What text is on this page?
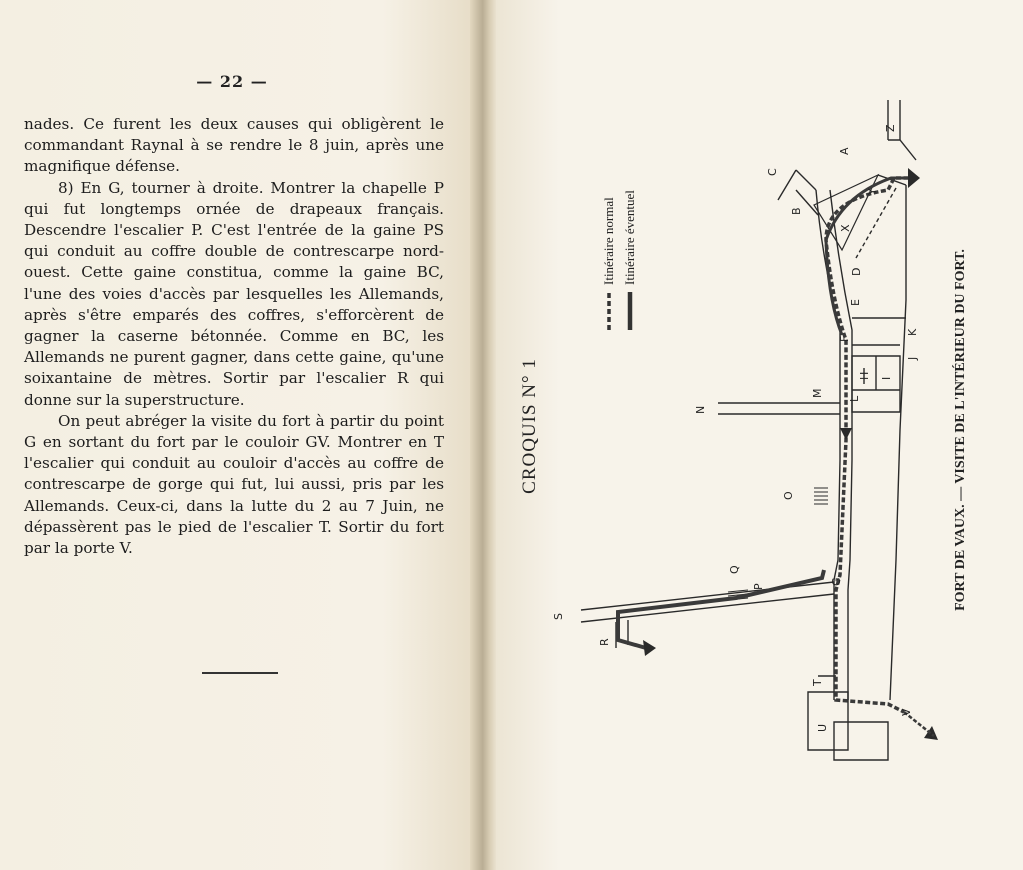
— 22 —

nades. Ce furent les deux causes qui obligèrent le commandant Raynal à se rendre le 8 juin, après une magnifique défense.

8) En G, tourner à droite. Montrer la chapelle P qui fut longtemps ornée de drapeaux français. Descendre l'escalier P. C'est l'entrée de la gaine PS qui conduit au coffre double de contrescarpe nord-ouest. Cette gaine constitua, comme la gaine BC, l'une des voies d'accès par lesquelles les Allemands, après s'être emparés des coffres, s'efforcèrent de gagner la caserne bétonnée. Comme en BC, les Allemands ne purent gagner, dans cette gaine, qu'une soixantaine de mètres. Sortir par l'escalier R qui donne sur la superstructure.

On peut abréger la visite du fort à partir du point G en sortant du fort par le couloir GV. Montrer en T l'escalier qui conduit au couloir d'accès au coffre de contrescarpe de gorge qui fut, lui aussi, pris par les Allemands. Ceux-ci, dans la lutte du 2 au 7 Juin, ne dépassèrent pas le pied de l'escalier T. Sortir du fort par la porte V.

CROQUIS N° 1	FORT DE VAUX. — VISITE DE L'INTÉRIEUR DU FORT.
Itinéraire normal Itinéraire éventuel
Z
A
C
Y
B
X
D
E
K
J
F
M
H
L
I
N
O
Q
P
S
G
R
T
U
V
